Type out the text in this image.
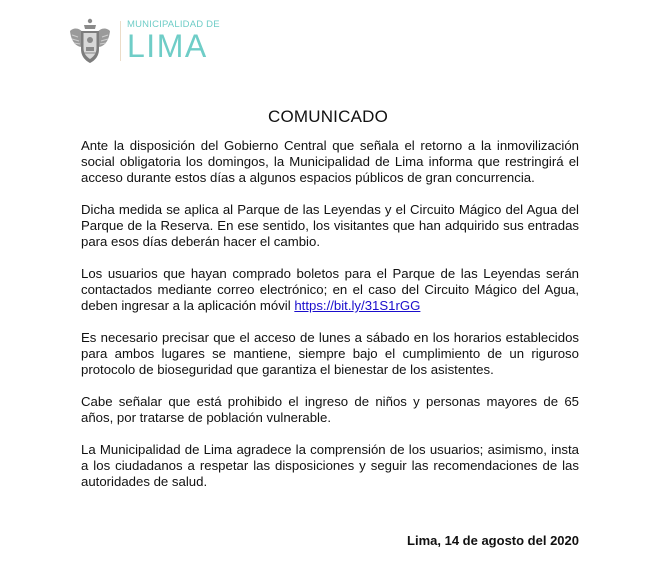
MUNICIPALIDAD DE
LIMA
COMUNICADO

Ante la disposición del Gobierno Central que señala el retorno a la inmovilización social obligatoria los domingos, la Municipalidad de Lima informa que restringirá el acceso durante estos días a algunos espacios públicos de gran concurrencia.

Dicha medida se aplica al Parque de las Leyendas y el Circuito Mágico del Agua del Parque de la Reserva. En ese sentido, los visitantes que han adquirido sus entradas para esos días deberán hacer el cambio.

Los usuarios que hayan comprado boletos para el Parque de las Leyendas serán contactados mediante correo electrónico; en el caso del Circuito Mágico del Agua, deben ingresar a la aplicación móvil https://bit.ly/31S1rGG

Es necesario precisar que el acceso de lunes a sábado en los horarios establecidos para ambos lugares se mantiene, siempre bajo el cumplimiento de un riguroso protocolo de bioseguridad que garantiza el bienestar de los asistentes.

Cabe señalar que está prohibido el ingreso de niños y personas mayores de 65 años, por tratarse de población vulnerable.

La Municipalidad de Lima agradece la comprensión de los usuarios; asimismo, insta a los ciudadanos a respetar las disposiciones y seguir las recomendaciones de las autoridades de salud.

Lima, 14 de agosto del 2020
